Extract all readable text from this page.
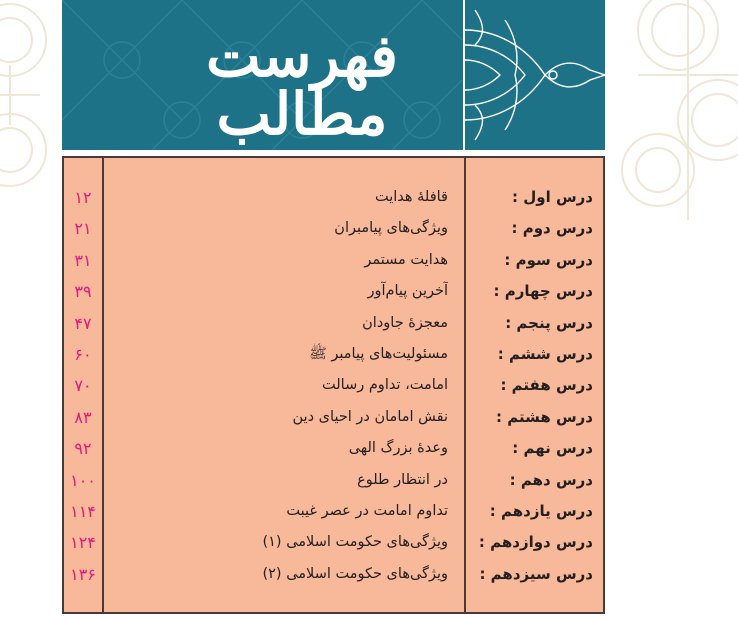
فهرست مطالب
۱۲	قافلۀ هدایت	درس اول :
۲۱	ویژگی‌های پیامبران	درس دوم :
۳۱	هدایت مستمر	درس سوم :
۳۹	آخرین پیام‌آور	درس چهارم :
۴۷	معجزۀ جاودان	درس پنجم :
۶۰	مسئولیت‌های پیامبر ﷺ	درس ششم :
۷۰	امامت، تداوم رسالت	درس هفتم :
۸۳	نقش امامان در احیای دین	درس هشتم :
۹۲	وعدۀ بزرگ الهی	درس نهم :
۱۰۰	در انتظار طلوع	درس دهم :
۱۱۴	تداوم امامت در عصر غیبت	درس یازدهم :
۱۲۴	ویژگی‌های حکومت اسلامی (۱)	درس دوازدهم :
۱۳۶	ویژگی‌های حکومت اسلامی (۲)	درس سیزدهم :
